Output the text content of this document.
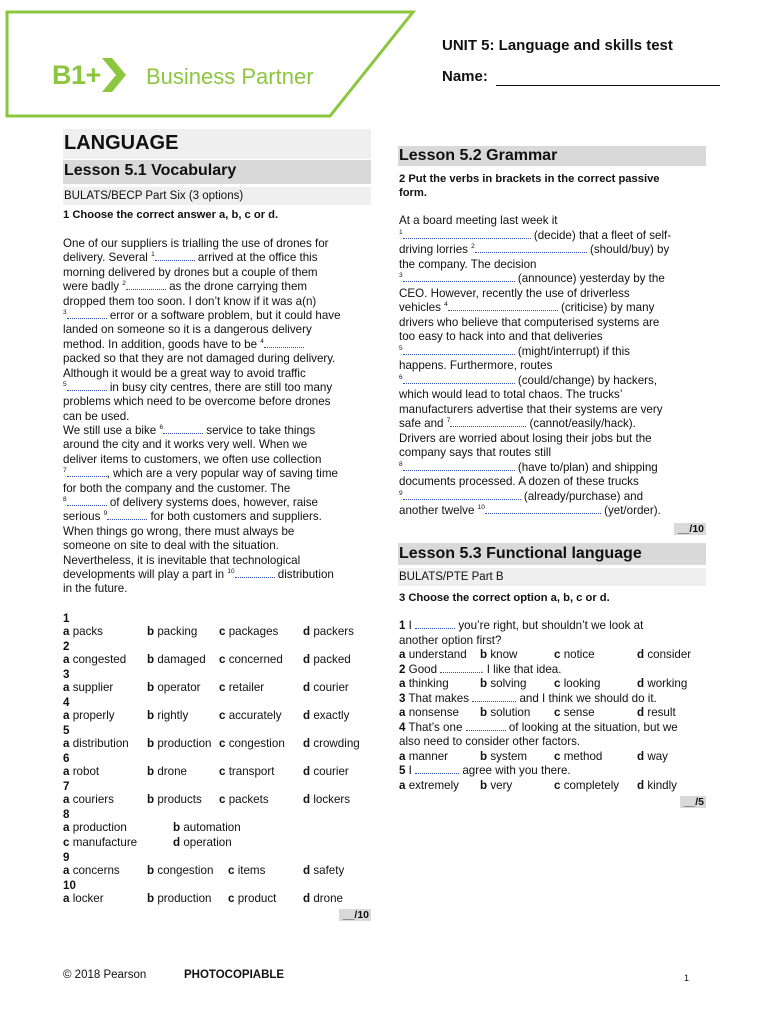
B1+ Business Partner
UNIT 5: Language and skills test
Name:
LANGUAGE
Lesson 5.1 Vocabulary
BULATS/BECP Part Six (3 options)
1 Choose the correct answer a, b, c or d.
One of our suppliers is trialling the use of drones for
delivery. Several $^1$	arrived at the office this
morning delivered by drones but a couple of them
were badly $^2$	as the drone carrying them
dropped them too soon. I don’t know if it was a(n)
$^3$	error or a software problem, but it could have
landed on someone so it is a dangerous delivery
method. In addition, goods have to be $^4$
packed so that they are not damaged during delivery.
Although it would be a great way to avoid traffic
$^5$	in busy city centres, there are still too many
problems which need to be overcome before drones
can be used.
We still use a bike $^6$	service to take things
around the city and it works very well. When we
deliver items to customers, we often use collection
$^7$	, which are a very popular way of saving time
for both the company and the customer. The
$^8$	of delivery systems does, however, raise
serious $^9$	for both customers and suppliers.
When things go wrong, there must always be
someone on site to deal with the situation.
Nevertheless, it is inevitable that technological
developments will play a part in $^{10}$	distribution
in the future.
1
a packs	b packing c packages d packers
2
a congested b damaged c concerned d packed
3
a supplier	b operator c retailer	d courier
4
a properly	b rightly	c accurately d exactly
5
a distribution b production c congestion d crowding
6
a robot	b drone	c transport d courier
7
a couriers	b products c packets	d lockers
8
a production	b automation
c manufacture	d operation
9
a concerns b congestion c items	d safety
10
a locker	b production c product d drone
__/10
Lesson 5.2 Grammar
2 Put the verbs in brackets in the correct passive
form.
At a board meeting last week it
$^1$	(decide) that a fleet of self-
driving lorries $^2$	(should/buy) by
the company. The decision
$^3$	(announce) yesterday by the
CEO. However, recently the use of driverless
vehicles $^4$	(criticise) by many
drivers who believe that computerised systems are
too easy to hack into and that deliveries
$^5$	(might/interrupt) if this
happens. Furthermore, routes
$^6$	(could/change) by hackers,
which would lead to total chaos. The trucks’
manufacturers advertise that their systems are very
safe and $^7$	(cannot/easily/hack).
Drivers are worried about losing their jobs but the
company says that routes still
$^8$	(have to/plan) and shipping
documents processed. A dozen of these trucks
$^9$	(already/purchase) and
another twelve $^{10}$	(yet/order).
__/10
Lesson 5.3 Functional language
BULATS/PTE Part B
3 Choose the correct option a, b, c or d.
1 I	you’re right, but shouldn’t we look at
another option first?
a understand b know	c notice	d consider
2 Good	. I like that idea.
a thinking	b solving c looking	d working
3 That makes	and I think we should do it.
a nonsense b solution c sense	d result
4 That’s one	of looking at the situation, but we
also need to consider other factors.
a manner	b system c method	d way
5 I	agree with you there.
a extremely b very	c completely d kindly
__/5
© 2018 Pearson	PHOTOCOPIABLE	1
